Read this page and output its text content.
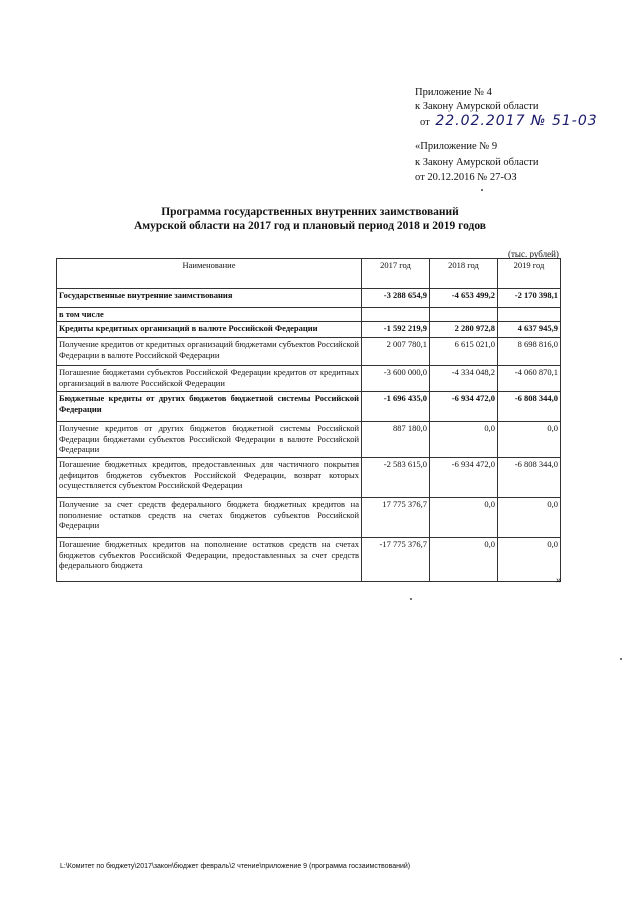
Приложение № 4
к Закону Амурской области
от 22.02.2017 № 51-03
«Приложение № 9
к Закону Амурской области
от 20.12.2016 № 27-ОЗ
Программа государственных внутренних заимствований
Амурской области на 2017 год и плановый период 2018 и 2019 годов
(тыс. рублей)
Наименование	2017 год	2018 год	2019 год
Государственные внутренние заимствования	-3 288 654,9	-4 653 499,2	-2 170 398,1
в том числе			
Кредиты кредитных организаций в валюте Российской Федерации	-1 592 219,9	2 280 972,8	4 637 945,9
Получение кредитов от кредитных организаций бюджетами субъектов Российской Федерации в валюте Российской Федерации	2 007 780,1	6 615 021,0	8 698 816,0
Погашение бюджетами субъектов Российской Федерации кредитов от кредитных организаций в валюте Российской Федерации	-3 600 000,0	-4 334 048,2	-4 060 870,1
Бюджетные кредиты от других бюджетов бюджетной системы Российской Федерации	-1 696 435,0	-6 934 472,0	-6 808 344,0
Получение кредитов от других бюджетов бюджетной системы Российской Федерации бюджетами субъектов Российской Федерации в валюте Российской Федерации	887 180,0	0,0	0,0
Погашение бюджетных кредитов, предоставленных для частичного покрытия дефицитов бюджетов субъектов Российской Федерации, возврат которых осуществляется субъектом Российской Федерации	-2 583 615,0	-6 934 472,0	-6 808 344,0
Получение за счет средств федерального бюджета бюджетных кредитов на пополнение остатков средств на счетах бюджетов субъектов Российской Федерации	17 775 376,7	0,0	0,0
Погашение бюджетных кредитов на пополнение остатков средств на счетах бюджетов субъектов Российской Федерации, предоставленных за счет средств федерального бюджета	-17 775 376,7	0,0	0,0
»
L:\Комитет по бюджету\2017\закон\бюджет февраль\2 чтение\приложение 9 (программа госзаимствований)
